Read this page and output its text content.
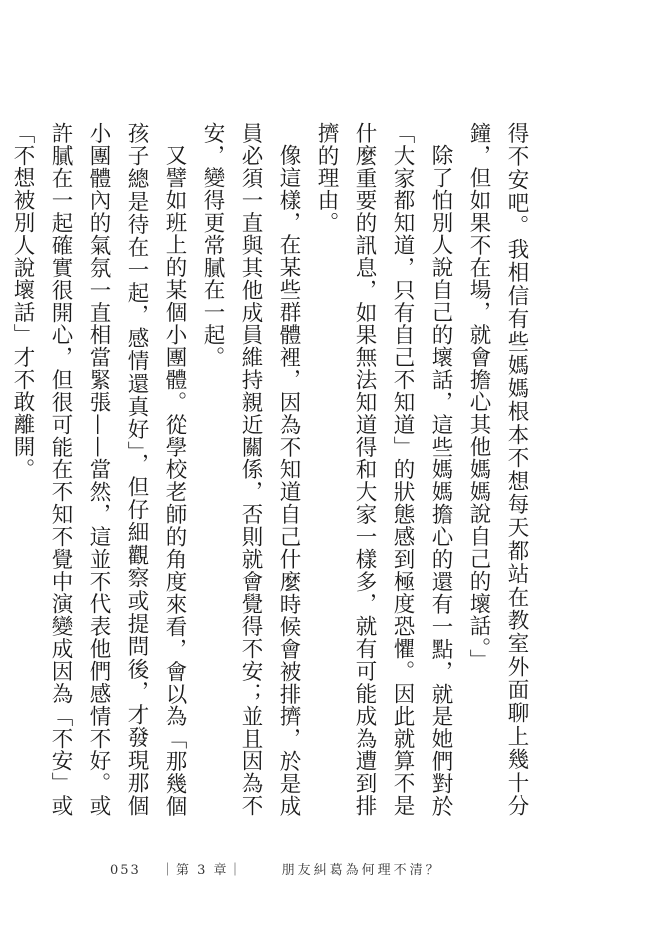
得不安吧。我相信有些媽媽根本不想每天都站在教室外面聊上幾十分鐘，但如果不在場，就會擔心其他媽媽說自己的壞話。」

除了怕別人說自己的壞話，這些媽媽擔心的還有一點，就是她們對於「大家都知道，只有自己不知道」的狀態感到極度恐懼。因此就算不是什麼重要的訊息，如果無法知道得和大家一樣多，就有可能成為遭到排擠的理由。

像這樣，在某些群體裡，因為不知道自己什麼時候會被排擠，於是成員必須一直與其他成員維持親近關係，否則就會覺得不安；並且因為不安，變得更常膩在一起。

又譬如班上的某個小團體。從學校老師的角度來看，會以為「那幾個孩子總是待在一起，感情還真好」，但仔細觀察或提問後，才發現那個小團體內的氣氛一直相當緊張——當然，這並不代表他們感情不好。或許膩在一起確實很開心，但很可能在不知不覺中演變成因為「不安」或「不想被別人說壞話」才不敢離開。

053 ｜第 3 章｜	朋友糾葛為何理不清？
